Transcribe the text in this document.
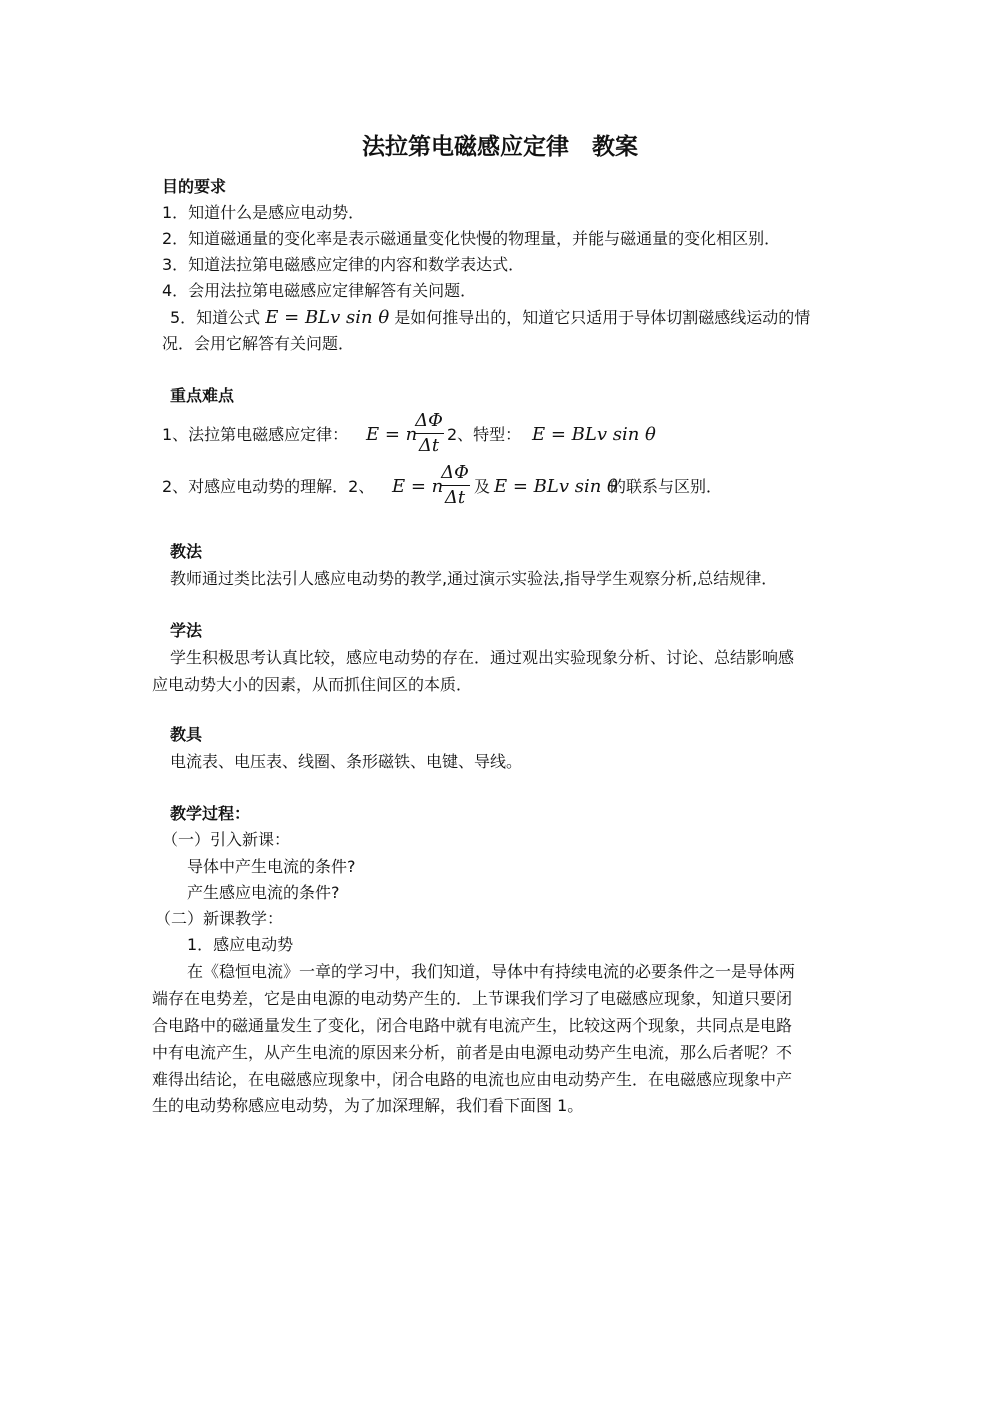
法拉第电磁感应定律　教案
目的要求
1．知道什么是感应电动势．
2．知道磁通量的变化率是表示磁通量变化快慢的物理量，并能与磁通量的变化相区别．
3．知道法拉第电磁感应定律的内容和数学表达式．
4．会用法拉第电磁感应定律解答有关问题．
5．知道公式 E = BLv sin θ 是如何推导出的，知道它只适用于导体切割磁感线运动的情
况．会用它解答有关问题．
重点难点
1、法拉第电磁感应定律： E = n
ΔΦ
Δt
2、特型： E = BLv sin θ
2、对感应电动势的理解．2、 E = n
ΔΦ
Δt
及 E = BLv sin θ
的联系与区别．
教法
教师通过类比法引人感应电动势的教学,通过演示实验法,指导学生观察分析,总结规律．
学法
学生积极思考认真比较，感应电动势的存在．通过观出实验现象分析、讨论、总结影响感
应电动势大小的因素，从而抓住间区的本质．
教具
电流表、电压表、线圈、条形磁铁、电键、导线。
教学过程：
（一）引入新课：
导体中产生电流的条件?
产生感应电流的条件?
（二）新课教学：
1．感应电动势
在《稳恒电流》一章的学习中，我们知道，导体中有持续电流的必要条件之一是导体两
端存在电势差，它是由电源的电动势产生的．上节课我们学习了电磁感应现象，知道只要闭
合电路中的磁通量发生了变化，闭合电路中就有电流产生，比较这两个现象，共同点是电路
中有电流产生，从产生电流的原因来分析，前者是由电源电动势产生电流，那么后者呢？不
难得出结论，在电磁感应现象中，闭合电路的电流也应由电动势产生．在电磁感应现象中产
生的电动势称感应电动势，为了加深理解，我们看下面图 1。
